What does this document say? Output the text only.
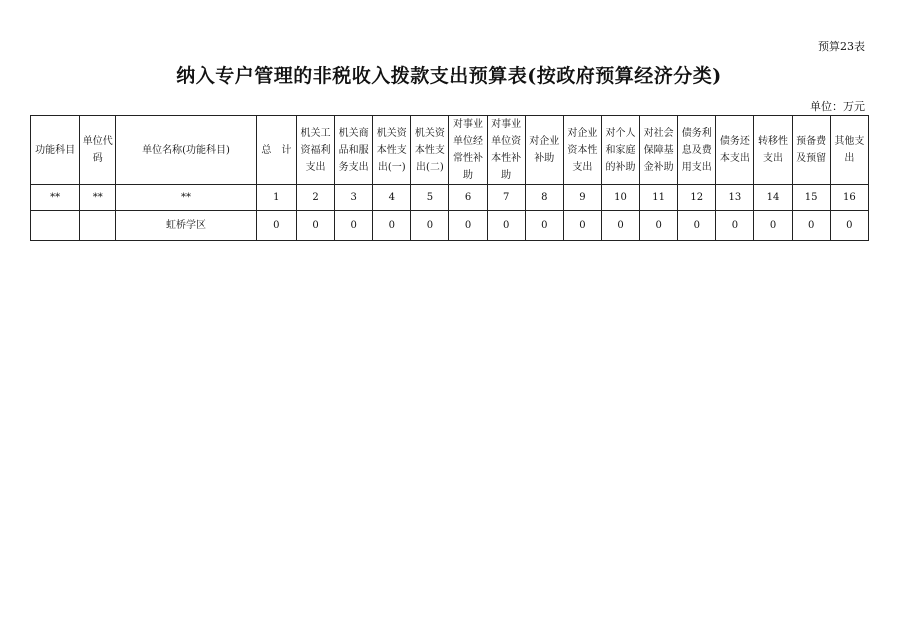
预算23表
纳入专户管理的非税收入拨款支出预算表(按政府预算经济分类)
单位：万元
功能科目	单位代码	单位名称(功能科目)	总　计	机关工资福利支出	机关商品和服务支出	机关资本性支出(一)	机关资本性支出(二)	对事业单位经常性补助	对事业单位资本性补助	对企业补助	对企业资本性支出	对个人和家庭的补助	对社会保障基金补助	债务利息及费用支出	债务还本支出	转移性支出	预备费及预留	其他支出
**	**	**	1	2	3	4	5	6	7	8	9	10	11	12	13	14	15	16
		虹桥学区	0	0	0	0	0	0	0	0	0	0	0	0	0	0	0	0
